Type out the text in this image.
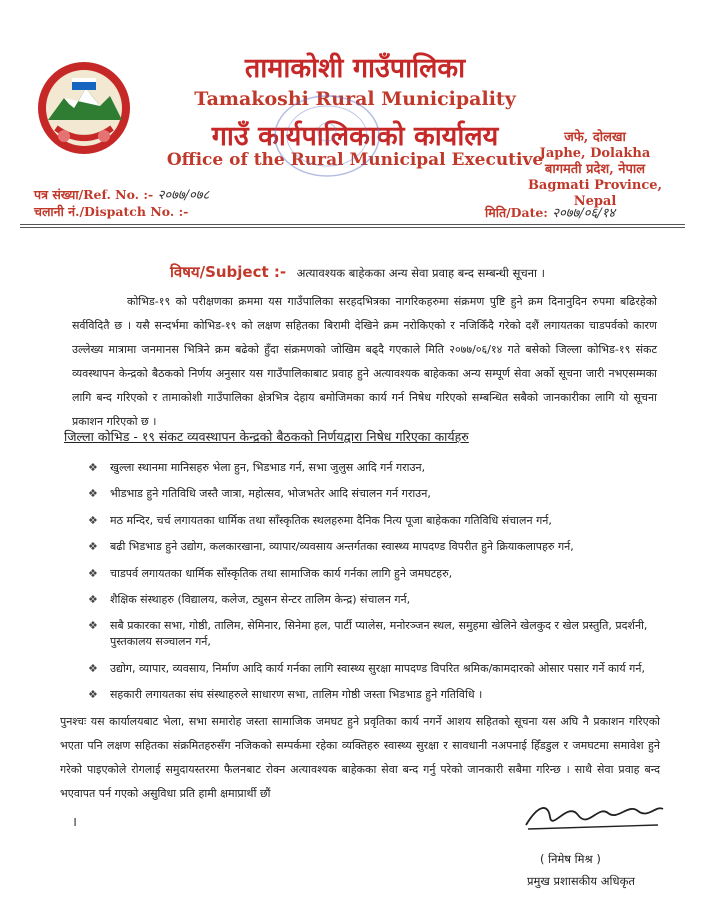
तामाकोशी गाउँपालिका
Tamakoshi Rural Municipality
गाउँ कार्यपालिकाको कार्यालय
Office of the Rural Municipal Executive
जफे, दोलखा
Japhe, Dolakha
बागमती प्रदेश, नेपाल
Bagmati Province, Nepal
पत्र संख्या/Ref. No. :- २०७७/०७८
चलानी नं./Dispatch No. :-	मिति/Date: २०७७/०६/१४
विषय/Subject :- अत्यावश्यक बाहेकका अन्य सेवा प्रवाह बन्द सम्बन्धी सूचना ।
कोभिड-१९ को परीक्षणका क्रममा यस गाउँपालिका सरहदभित्रका नागरिकहरुमा संक्रमण पुष्टि हुने क्रम दिनानुदिन रुपमा बढिरहेको सर्वविदितै छ । यसै सन्दर्भमा कोभिड-१९ को लक्षण सहितका बिरामी देखिने क्रम नरोकिएको र नजिकिँदै गरेको दशैं लगायतका चाडपर्वको कारण उल्लेख्य मात्रामा जनमानस भित्रिने क्रम बढेको हुँदा संक्रमणको जोखिम बढ्दै गएकाले मिति २०७७/०६/१४ गते बसेको जिल्ला कोभिड-१९ संकट व्यवस्थापन केन्द्रको बैठकको निर्णय अनुसार यस गाउँपालिकाबाट प्रवाह हुने अत्यावश्यक बाहेकका अन्य सम्पूर्ण सेवा अर्को सूचना जारी नभएसम्मका लागि बन्द गरिएको र तामाकोशी गाउँपालिका क्षेत्रभित्र देहाय बमोजिमका कार्य गर्न निषेध गरिएको सम्बन्धित सबैको जानकारीका लागि यो सूचना प्रकाशन गरिएको छ ।
जिल्ला कोभिड - १९ संकट व्यवस्थापन केन्द्रको बैठकको निर्णयद्वारा निषेध गरिएका कार्यहरु
❖ खुल्ला स्थानमा मानिसहरु भेला हुन, भिडभाड गर्न, सभा जुलुस आदि गर्न गराउन,
❖ भीडभाड हुने गतिविधि जस्तै जात्रा, महोत्सव, भोजभतेर आदि संचालन गर्न गराउन,
❖ मठ मन्दिर, चर्च लगायतका धार्मिक तथा साँस्कृतिक स्थलहरुमा दैनिक नित्य पूजा बाहेकका गतिविधि संचालन गर्न,
❖ बढी भिडभाड हुने उद्योग, कलकारखाना, व्यापार/व्यवसाय अन्तर्गतका स्वास्थ्य मापदण्ड विपरीत हुने क्रियाकलापहरु गर्न,
❖ चाडपर्व लगायतका धार्मिक साँस्कृतिक तथा सामाजिक कार्य गर्नका लागि हुने जमघटहरु,
❖ शैक्षिक संस्थाहरु (विद्यालय, कलेज, ट्युसन सेन्टर तालिम केन्द्र) संचालन गर्न,
❖ सबै प्रकारका सभा, गोष्ठी, तालिम, सेमिनार, सिनेमा हल, पार्टी प्यालेस, मनोरञ्जन स्थल, समुहमा खेलिने खेलकुद र खेल प्रस्तुति, प्रदर्शनी, पुस्तकालय सञ्चालन गर्न,
❖ उद्योग, व्यापार, व्यवसाय, निर्माण आदि कार्य गर्नका लागि स्वास्थ्य सुरक्षा मापदण्ड विपरित श्रमिक/कामदारको ओसार पसार गर्ने कार्य गर्न,
❖ सहकारी लगायतका संघ संस्थाहरुले साधारण सभा, तालिम गोष्ठी जस्ता भिडभाड हुने गतिविधि ।
पुनश्चः यस कार्यालयबाट भेला, सभा समारोह जस्ता सामाजिक जमघट हुने प्रवृतिका कार्य नगर्ने आशय सहितको सूचना यस अघि नै प्रकाशन गरिएको भएता पनि लक्षण सहितका संक्रमितहरुसँग नजिकको सम्पर्कमा रहेका व्यक्तिहरु स्वास्थ्य सुरक्षा र सावधानी नअपनाई हिँडडुल र जमघटमा समावेश हुने गरेको पाइएकोले रोगलाई समुदायस्तरमा फैलनबाट रोक्न अत्यावश्यक बाहेकका सेवा बन्द गर्नु परेको जानकारी सबैमा गरिन्छ । साथै सेवा प्रवाह बन्द भएवापत पर्न गएको असुविधा प्रति हामी क्षमाप्रार्थी छौं
।
( निमेष मिश्र )
प्रमुख प्रशासकीय अधिकृत
